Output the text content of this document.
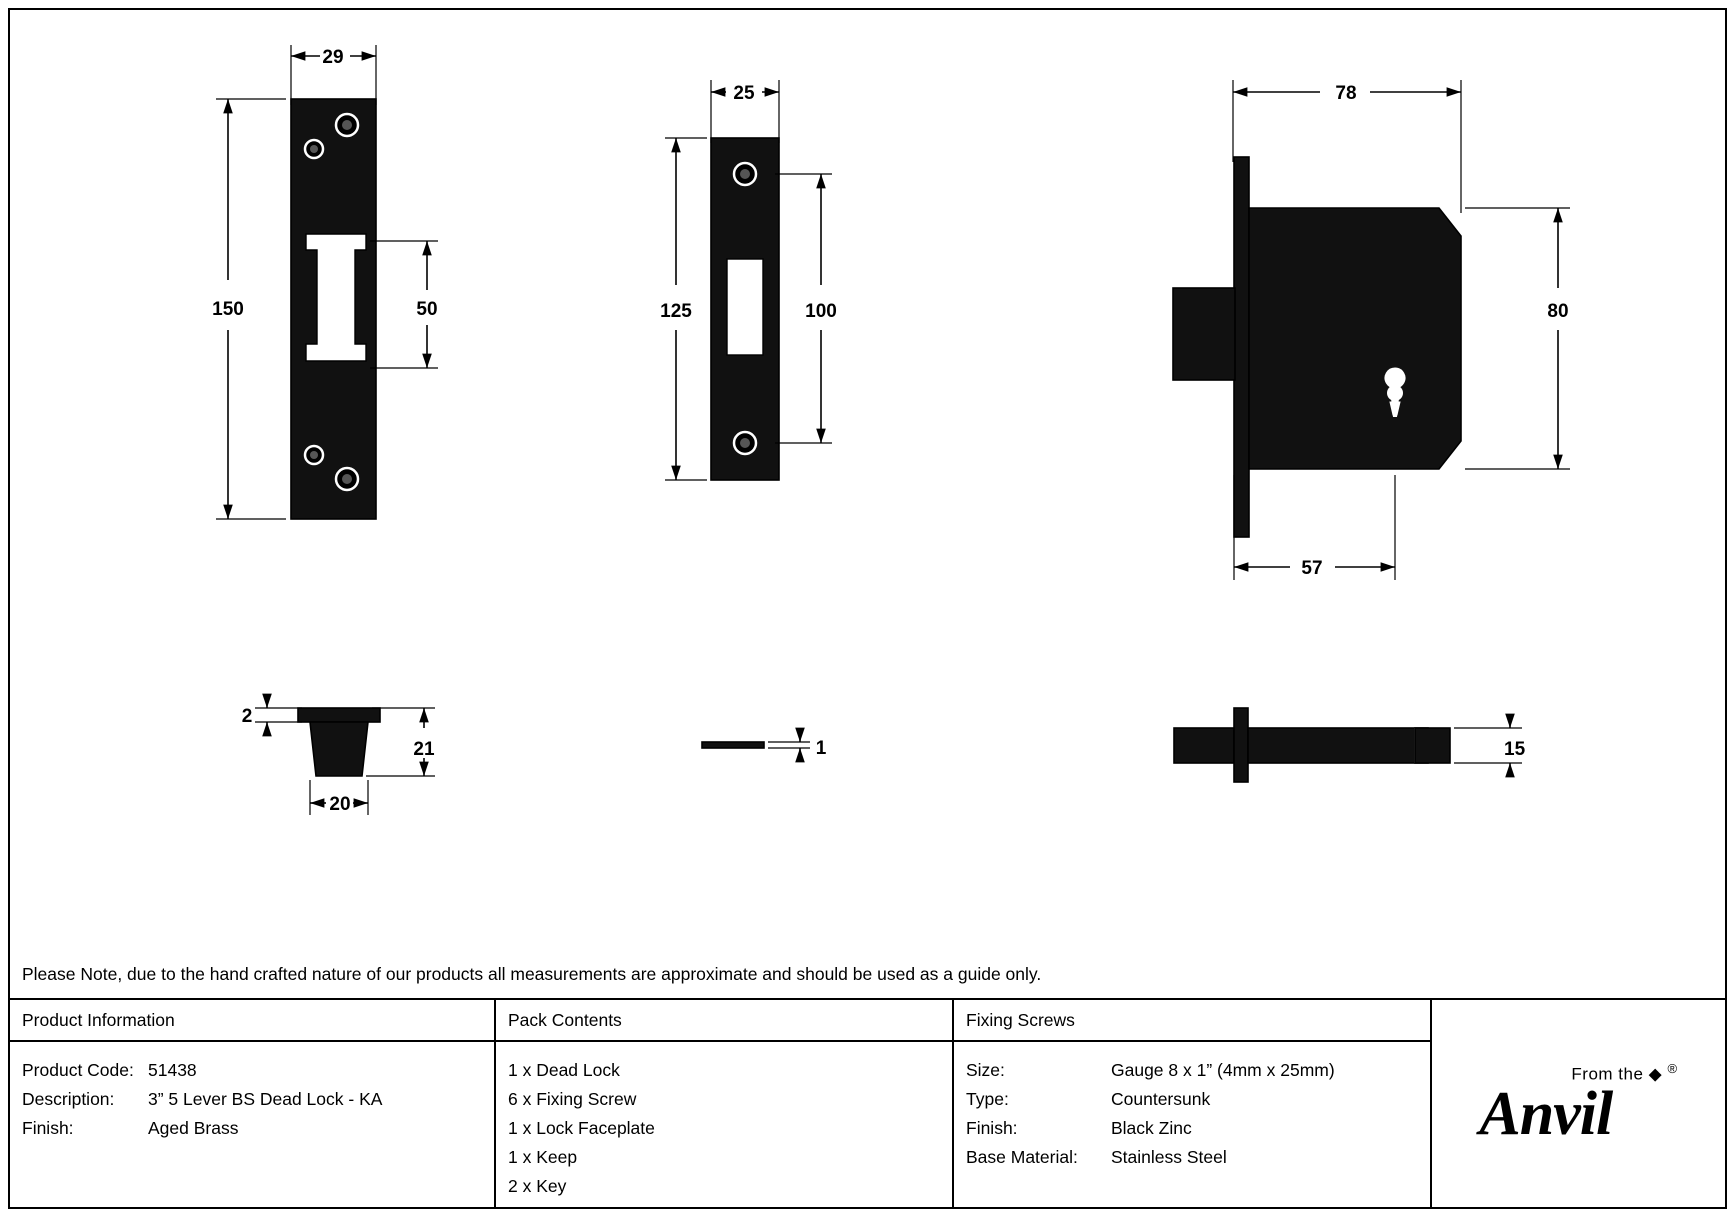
29
150	50
25
125	100
78
80
57
2
21
20
1	15
Please Note, due to the hand crafted nature of our products all measurements are approximate and should be used as a guide only.
Product Information
Product Code: 51438
Description:	3” 5 Lever BS Dead Lock - KA
Finish:	Aged Brass
Pack Contents
1 x Dead Lock
6 x Fixing Screw
1 x Lock Faceplate
1 x Keep
2 x Key
Fixing Screws
Size:	Gauge 8 x 1” (4mm x 25mm)
Type:	Countersunk
Finish:	Black Zinc
Base Material:	Stainless Steel
From the ◆ ®
Anvil
